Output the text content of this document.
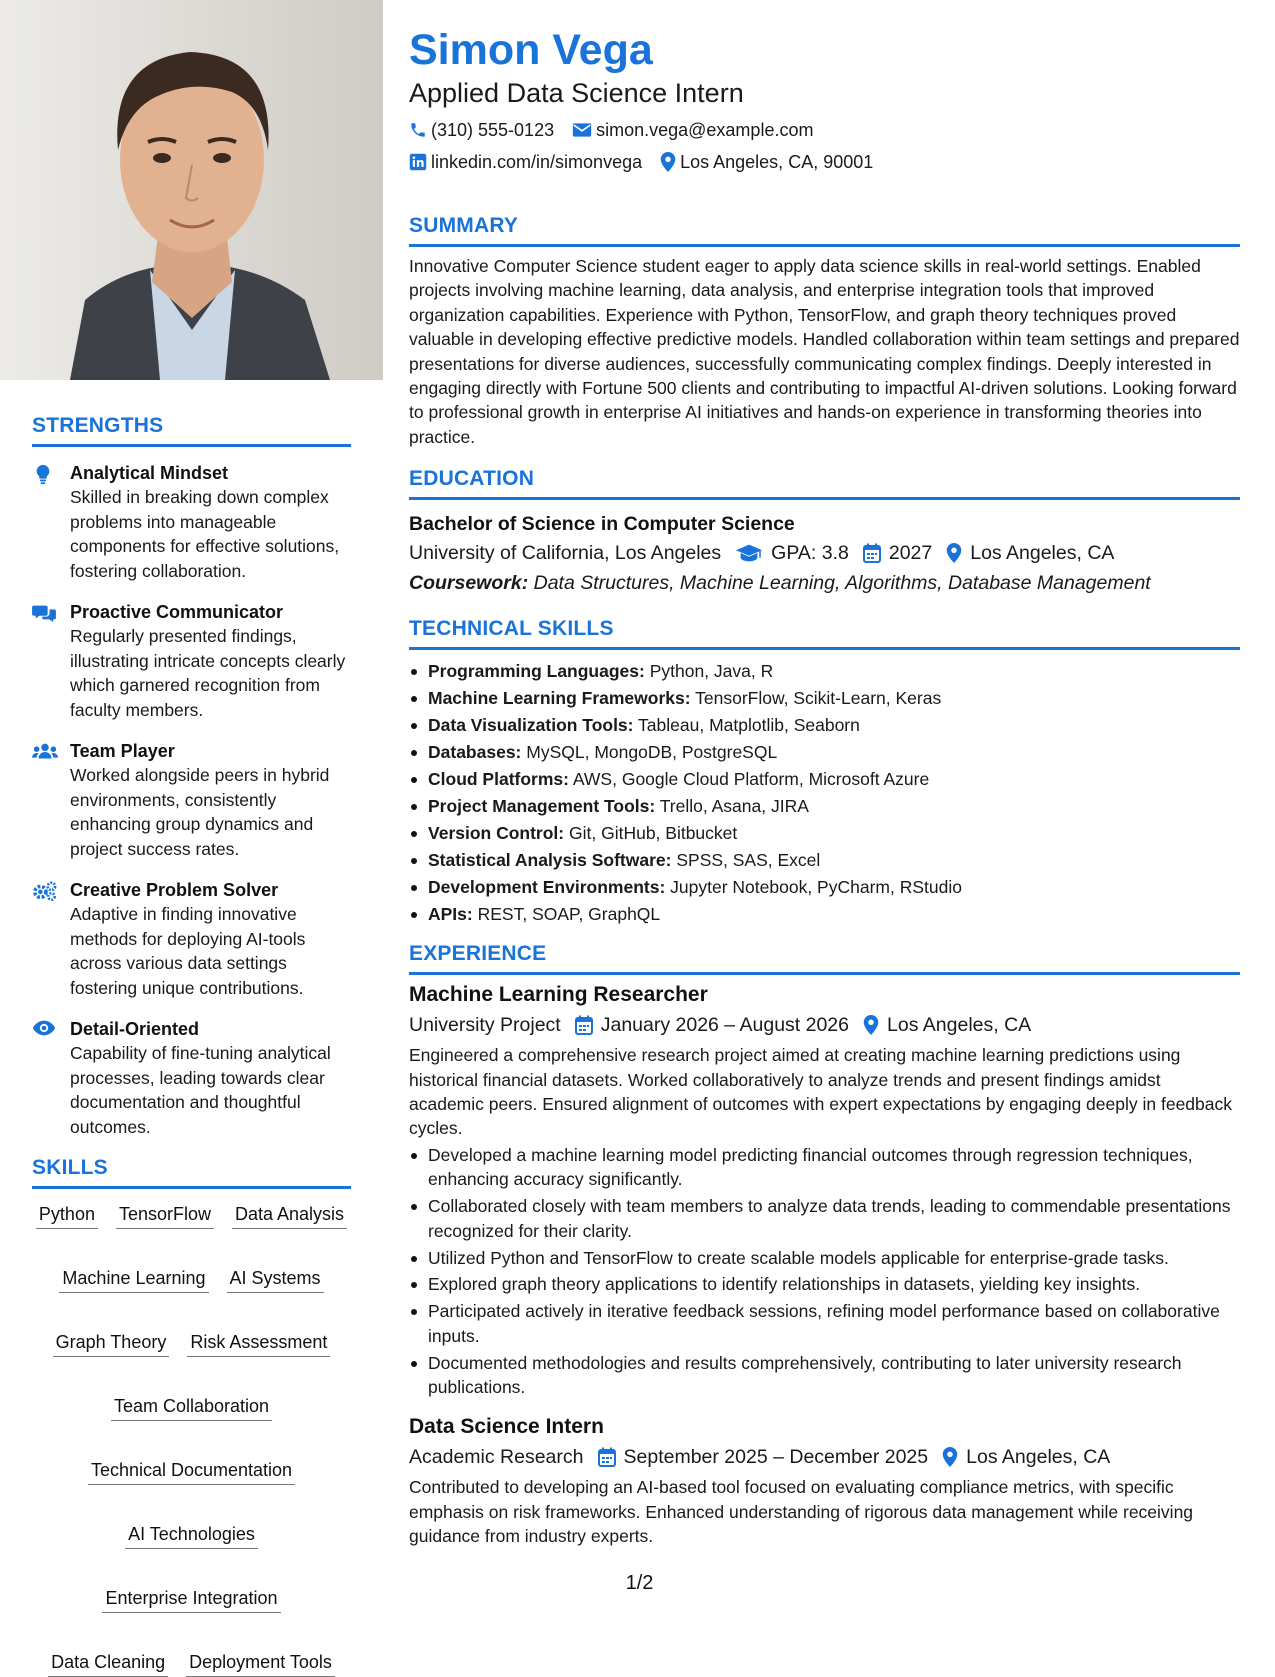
STRENGTHS
Analytical Mindset
Skilled in breaking down complex problems into manageable components for effective solutions, fostering collaboration.
Proactive Communicator
Regularly presented findings, illustrating intricate concepts clearly which garnered recognition from faculty members.
Team Player
Worked alongside peers in hybrid environments, consistently enhancing group dynamics and project success rates.
Creative Problem Solver
Adaptive in finding innovative methods for deploying AI-tools across various data settings fostering unique contributions.
Detail-Oriented
Capability of fine-tuning analytical processes, leading towards clear documentation and thoughtful outcomes.
SKILLS
Python TensorFlow Data Analysis
Machine Learning AI Systems
Graph Theory Risk Assessment
Team Collaboration
Technical Documentation
AI Technologies
Enterprise Integration
Data Cleaning Deployment Tools
Simon Vega
Applied Data Science Intern
(310) 555-0123 simon.vega@example.com
linkedin.com/in/simonvega Los Angeles, CA, 90001
SUMMARY
Innovative Computer Science student eager to apply data science skills in real-world settings. Enabled projects involving machine learning, data analysis, and enterprise integration tools that improved organization capabilities. Experience with Python, TensorFlow, and graph theory techniques proved valuable in developing effective predictive models. Handled collaboration within team settings and prepared presentations for diverse audiences, successfully communicating complex findings. Deeply interested in engaging directly with Fortune 500 clients and contributing to impactful AI-driven solutions. Looking forward to professional growth in enterprise AI initiatives and hands-on experience in transforming theories into practice.
EDUCATION
Bachelor of Science in Computer Science
University of California, Los Angeles	GPA: 3.8 2027 Los Angeles, CA
Coursework: Data Structures, Machine Learning, Algorithms, Database Management
TECHNICAL SKILLS
Programming Languages: Python, Java, R
Machine Learning Frameworks: TensorFlow, Scikit-Learn, Keras
Data Visualization Tools: Tableau, Matplotlib, Seaborn
Databases: MySQL, MongoDB, PostgreSQL
Cloud Platforms: AWS, Google Cloud Platform, Microsoft Azure
Project Management Tools: Trello, Asana, JIRA
Version Control: Git, GitHub, Bitbucket
Statistical Analysis Software: SPSS, SAS, Excel
Development Environments: Jupyter Notebook, PyCharm, RStudio
APIs: REST, SOAP, GraphQL
EXPERIENCE
Machine Learning Researcher
University Project January 2026 – August 2026 Los Angeles, CA
Engineered a comprehensive research project aimed at creating machine learning predictions using historical financial datasets. Worked collaboratively to analyze trends and present findings amidst academic peers. Ensured alignment of outcomes with expert expectations by engaging deeply in feedback cycles.
Developed a machine learning model predicting financial outcomes through regression techniques, enhancing accuracy significantly.
Collaborated closely with team members to analyze data trends, leading to commendable presentations recognized for their clarity.
Utilized Python and TensorFlow to create scalable models applicable for enterprise-grade tasks.
Explored graph theory applications to identify relationships in datasets, yielding key insights.
Participated actively in iterative feedback sessions, refining model performance based on collaborative inputs.
Documented methodologies and results comprehensively, contributing to later university research publications.
Data Science Intern
Academic Research September 2025 – December 2025 Los Angeles, CA
Contributed to developing an AI-based tool focused on evaluating compliance metrics, with specific emphasis on risk frameworks. Enhanced understanding of rigorous data management while receiving guidance from industry experts.
1/2
